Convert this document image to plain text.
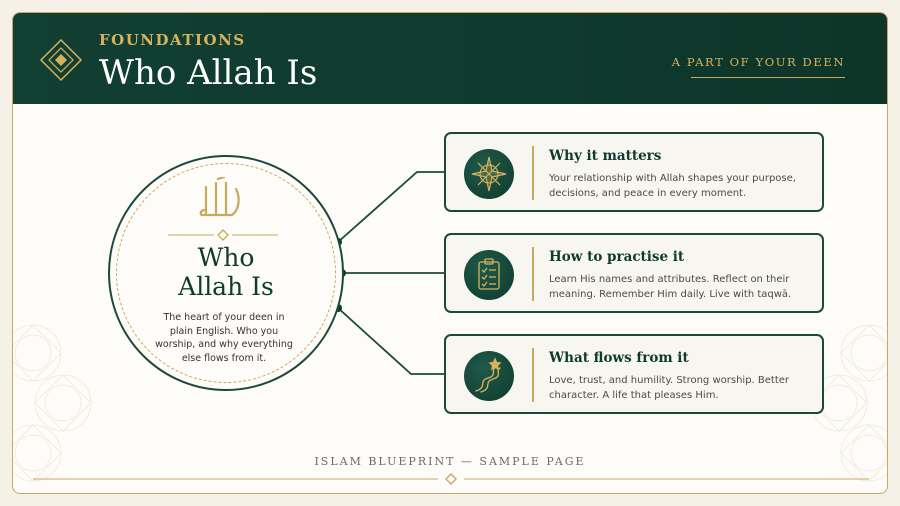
FOUNDATIONS
Who Allah Is	A PART OF YOUR DEEN
Who
Allah Is
The heart of your deen in plain English. Who you worship, and why everything else flows from it.
Why it matters
Your relationship with Allah shapes your purpose, decisions, and peace in every moment.
How to practise it
Learn His names and attributes. Reflect on their meaning. Remember Him daily. Live with taqwā.
What flows from it
Love, trust, and humility. Strong worship. Better character. A life that pleases Him.
ISLAM BLUEPRINT — SAMPLE PAGE
